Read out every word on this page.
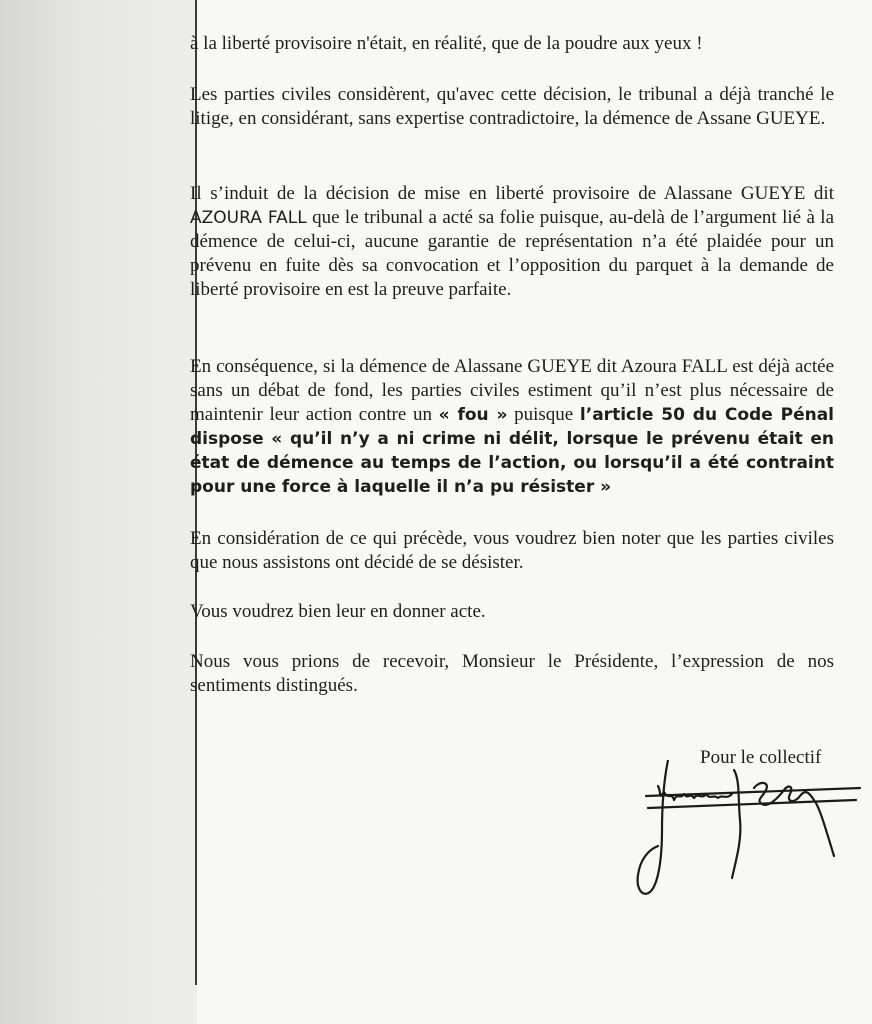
à la liberté provisoire n'était, en réalité, que de la poudre aux yeux !

Les parties civiles considèrent, qu'avec cette décision, le tribunal a déjà tranché le litige, en considérant, sans expertise contradictoire, la démence de Assane GUEYE.

Il s’induit de la décision de mise en liberté provisoire de Alassane GUEYE dit AZOURA FALL que le tribunal a acté sa folie puisque, au-delà de l’argument lié à la démence de celui-ci, aucune garantie de représentation n’a été plaidée pour un prévenu en fuite dès sa convocation et l’opposition du parquet à la demande de liberté provisoire en est la preuve parfaite.

En conséquence, si la démence de Alassane GUEYE dit Azoura FALL est déjà actée sans un débat de fond, les parties civiles estiment qu’il n’est plus nécessaire de maintenir leur action contre un « fou » puisque l’article 50 du Code Pénal dispose « qu’il n’y a ni crime ni délit, lorsque le prévenu était en état de démence au temps de l’action, ou lorsqu’il a été contraint pour une force à laquelle il n’a pu résister »

En considération de ce qui précède, vous voudrez bien noter que les parties civiles que nous assistons ont décidé de se désister.

Vous voudrez bien leur en donner acte.

Nous vous prions de recevoir, Monsieur le Présidente, l’expression de nos sentiments distingués.

Pour le collectif
